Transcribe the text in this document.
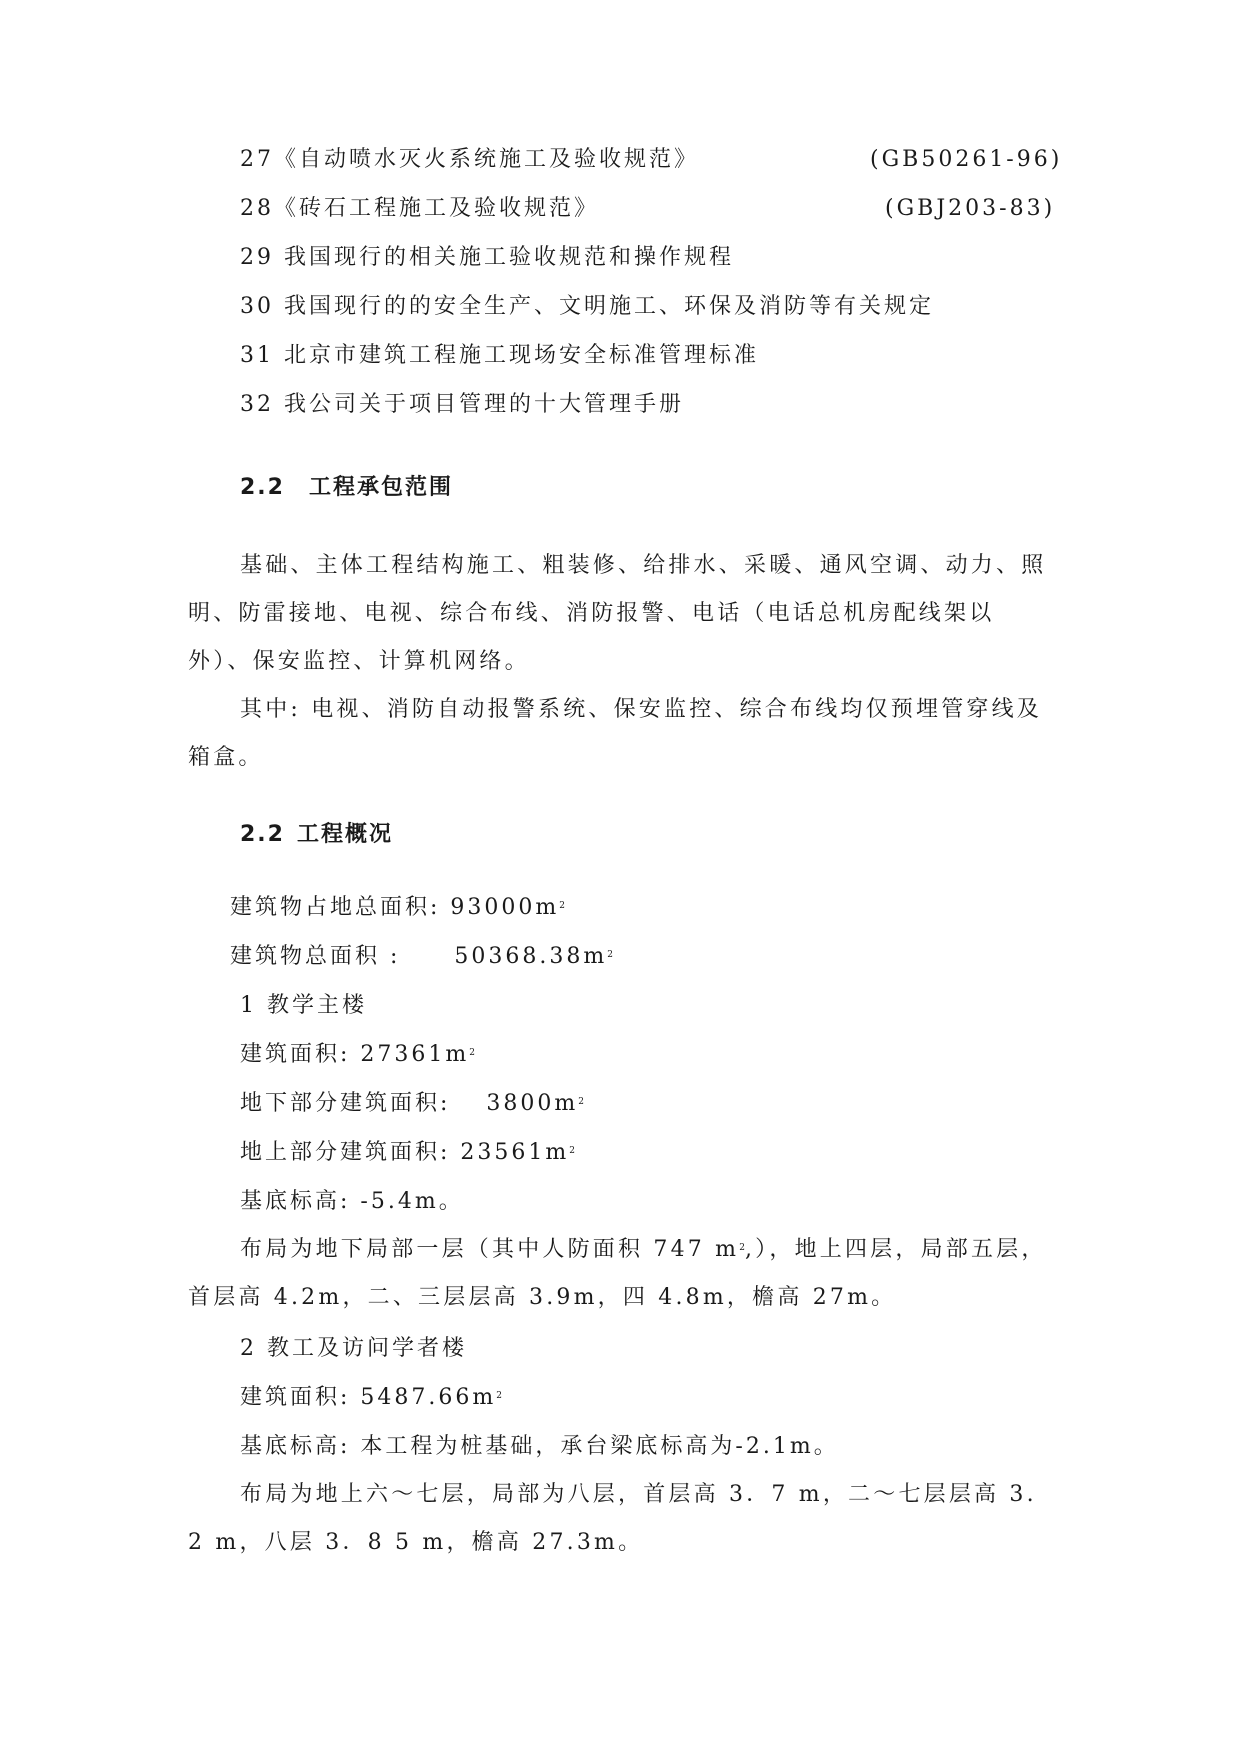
27《自动喷水灭火系统施工及验收规范》	(GB50261-96)
28《砖石工程施工及验收规范》	(GBJ203-83)
29 我国现行的相关施工验收规范和操作规程
30 我国现行的的安全生产、文明施工、环保及消防等有关规定
31 北京市建筑工程施工现场安全标准管理标准
32 我公司关于项目管理的十大管理手册
2.2 工程承包范围
基础、主体工程结构施工、粗装修、给排水、采暖、通风空调、动力、照明、防雷接地、电视、综合布线、消防报警、电话（电话总机房配线架以外）、保安监控、计算机网络。
其中: 电视、消防自动报警系统、保安监控、综合布线均仅预埋管穿线及箱盒。
2.2 工程概况
建筑物占地总面积: $93000m^2$
建筑物总面积 : $50368.38m^2$
1 教学主楼
建筑面积: $27361m^2$
地下部分建筑面积: $3800m^2$
地上部分建筑面积: $23561m^2$
基底标高: -5.4m。
布局为地下局部一层（其中人防面积 747 $m^2$,），地上四层，局部五层，首层高 4.2m，二、三层层高 3.9m，四 4.8m，檐高 27m。
2 教工及访问学者楼
建筑面积: $5487.66m^2$
基底标高: 本工程为桩基础，承台梁底标高为-2.1m。
布局为地上六～七层，局部为八层，首层高 3．7 m，二～七层层高 3. 2 m，八层 3．8 5 m，檐高 27.3m。
